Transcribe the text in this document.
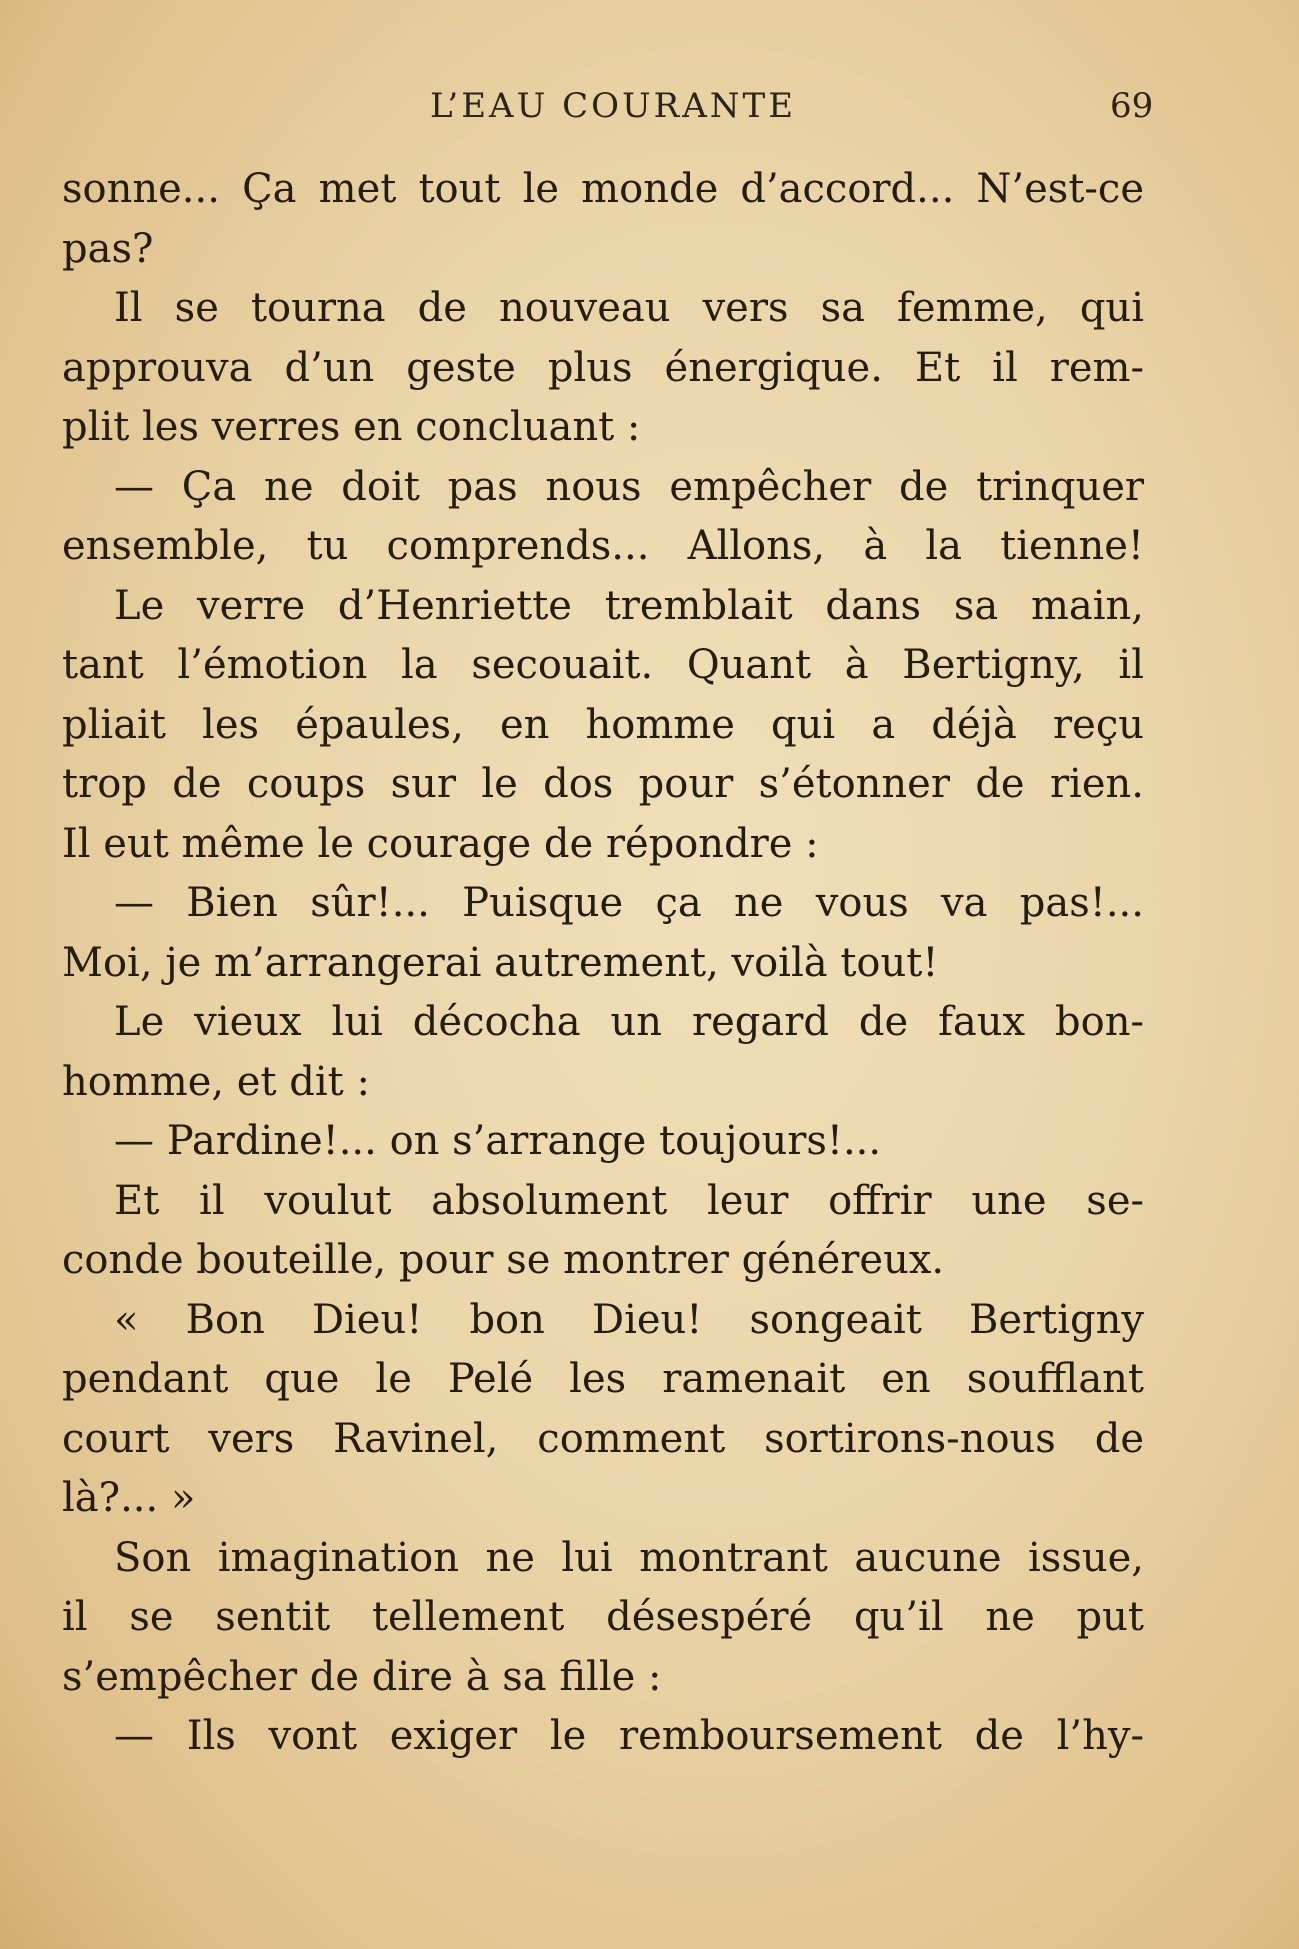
L’EAU COURANTE	69
sonne... Ça met tout le monde d’accord... N’est-ce
pas?
Il se tourna de nouveau vers sa femme, qui
approuva d’un geste plus énergique. Et il rem-
plit les verres en concluant :
— Ça ne doit pas nous empêcher de trinquer
ensemble, tu comprends... Allons, à la tienne!
Le verre d’Henriette tremblait dans sa main,
tant l’émotion la secouait. Quant à Bertigny, il
pliait les épaules, en homme qui a déjà reçu
trop de coups sur le dos pour s’étonner de rien.
Il eut même le courage de répondre :
— Bien sûr!... Puisque ça ne vous va pas!...
Moi, je m’arrangerai autrement, voilà tout!
Le vieux lui décocha un regard de faux bon-
homme, et dit :
— Pardine!... on s’arrange toujours!...
Et il voulut absolument leur offrir une se-
conde bouteille, pour se montrer généreux.
« Bon Dieu! bon Dieu! songeait Bertigny
pendant que le Pelé les ramenait en soufflant
court vers Ravinel, comment sortirons-nous de
là?... »
Son imagination ne lui montrant aucune issue,
il se sentit tellement désespéré qu’il ne put
s’empêcher de dire à sa fille :
— Ils vont exiger le remboursement de l’hy-
